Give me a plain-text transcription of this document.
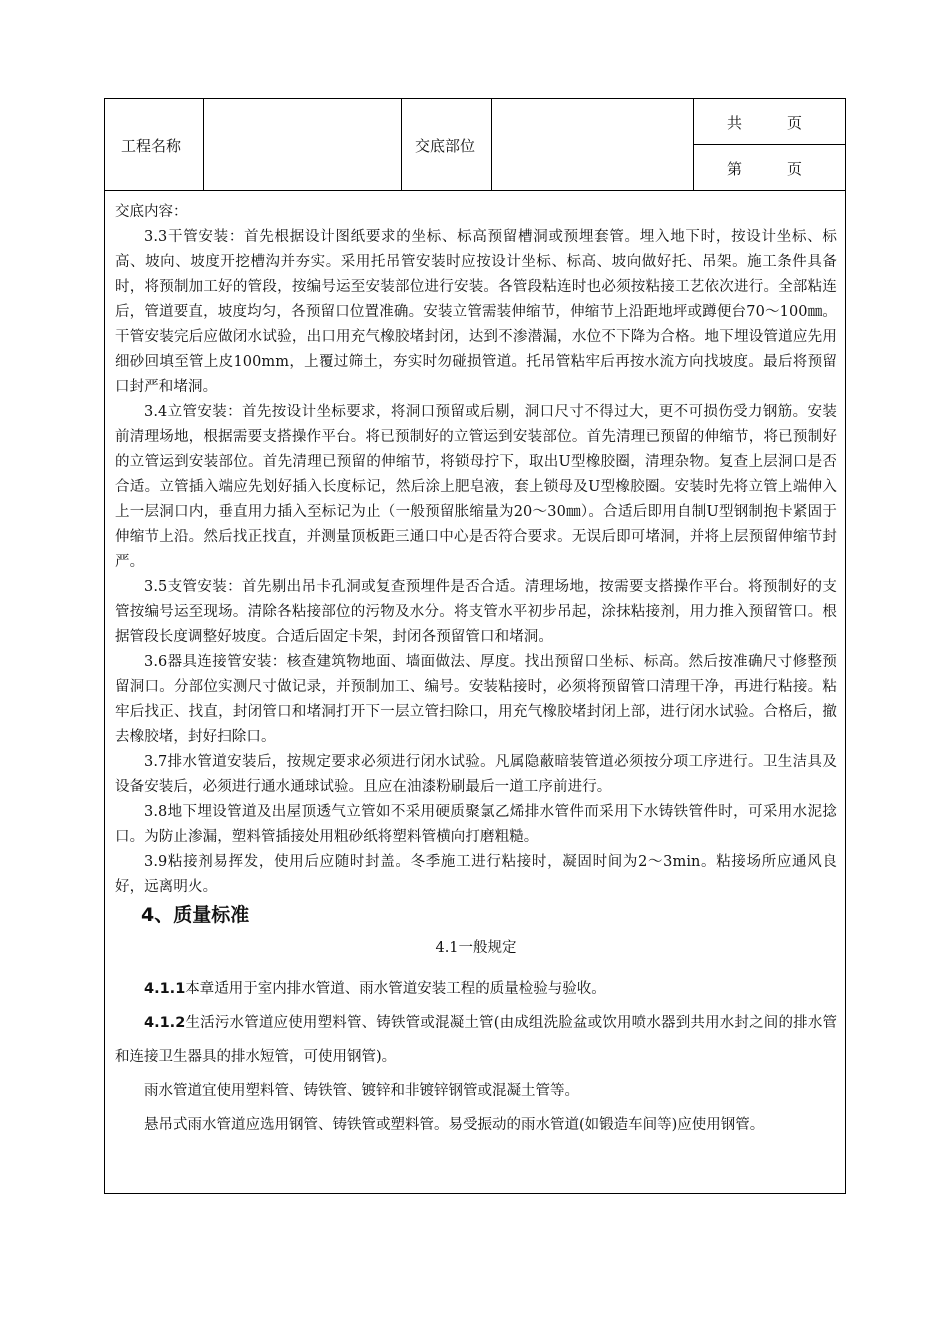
工程名称	交底部位
共　　　页
第　　　页

交底内容：

3.3干管安装：首先根据设计图纸要求的坐标、标高预留槽洞或预埋套管。埋入地下时，按设计坐标、标高、坡向、坡度开挖槽沟并夯实。采用托吊管安装时应按设计坐标、标高、坡向做好托、吊架。施工条件具备时，将预制加工好的管段，按编号运至安装部位进行安装。各管段粘连时也必须按粘接工艺依次进行。全部粘连后，管道要直，坡度均匀，各预留口位置准确。安装立管需装伸缩节，伸缩节上沿距地坪或蹲便台70～100㎜。干管安装完后应做闭水试验，出口用充气橡胶堵封闭，达到不渗潜漏，水位不下降为合格。地下埋设管道应先用细砂回填至管上皮100mm，上覆过筛土，夯实时勿碰损管道。托吊管粘牢后再按水流方向找坡度。最后将预留口封严和堵洞。

3.4立管安装：首先按设计坐标要求，将洞口预留或后剔，洞口尺寸不得过大，更不可损伤受力钢筋。安装前清理场地，根据需要支搭操作平台。将已预制好的立管运到安装部位。首先清理已预留的伸缩节，将已预制好的立管运到安装部位。首先清理已预留的伸缩节，将锁母拧下，取出U型橡胶圈，清理杂物。复查上层洞口是否合适。立管插入端应先划好插入长度标记，然后涂上肥皂液，套上锁母及U型橡胶圈。安装时先将立管上端伸入上一层洞口内，垂直用力插入至标记为止（一般预留胀缩量为20～30㎜）。合适后即用自制U型钢制抱卡紧固于伸缩节上沿。然后找正找直，并测量顶板距三通口中心是否符合要求。无误后即可堵洞，并将上层预留伸缩节封严。

3.5支管安装：首先剔出吊卡孔洞或复查预埋件是否合适。清理场地，按需要支搭操作平台。将预制好的支管按编号运至现场。清除各粘接部位的污物及水分。将支管水平初步吊起，涂抹粘接剂，用力推入预留管口。根据管段长度调整好坡度。合适后固定卡架，封闭各预留管口和堵洞。

3.6器具连接管安装：核查建筑物地面、墙面做法、厚度。找出预留口坐标、标高。然后按准确尺寸修整预留洞口。分部位实测尺寸做记录，并预制加工、编号。安装粘接时，必须将预留管口清理干净，再进行粘接。粘牢后找正、找直，封闭管口和堵洞打开下一层立管扫除口，用充气橡胶堵封闭上部，进行闭水试验。合格后，撤去橡胶堵，封好扫除口。

3.7排水管道安装后，按规定要求必须进行闭水试验。凡属隐蔽暗装管道必须按分项工序进行。卫生洁具及设备安装后，必须进行通水通球试验。且应在油漆粉刷最后一道工序前进行。

3.8地下埋设管道及出屋顶透气立管如不采用硬质聚氯乙烯排水管件而采用下水铸铁管件时，可采用水泥捻口。为防止渗漏，塑料管插接处用粗砂纸将塑料管横向打磨粗糙。

3.9粘接剂易挥发，使用后应随时封盖。冬季施工进行粘接时，凝固时间为2～3min。粘接场所应通风良好，远离明火。

4、质量标准
4.1一般规定

4.1.1本章适用于室内排水管道、雨水管道安装工程的质量检验与验收。

4.1.2生活污水管道应使用塑料管、铸铁管或混凝土管(由成组洗脸盆或饮用喷水器到共用水封之间的排水管和连接卫生器具的排水短管，可使用钢管)。

雨水管道宜使用塑料管、铸铁管、镀锌和非镀锌钢管或混凝土管等。

悬吊式雨水管道应选用钢管、铸铁管或塑料管。易受振动的雨水管道(如锻造车间等)应使用钢管。
